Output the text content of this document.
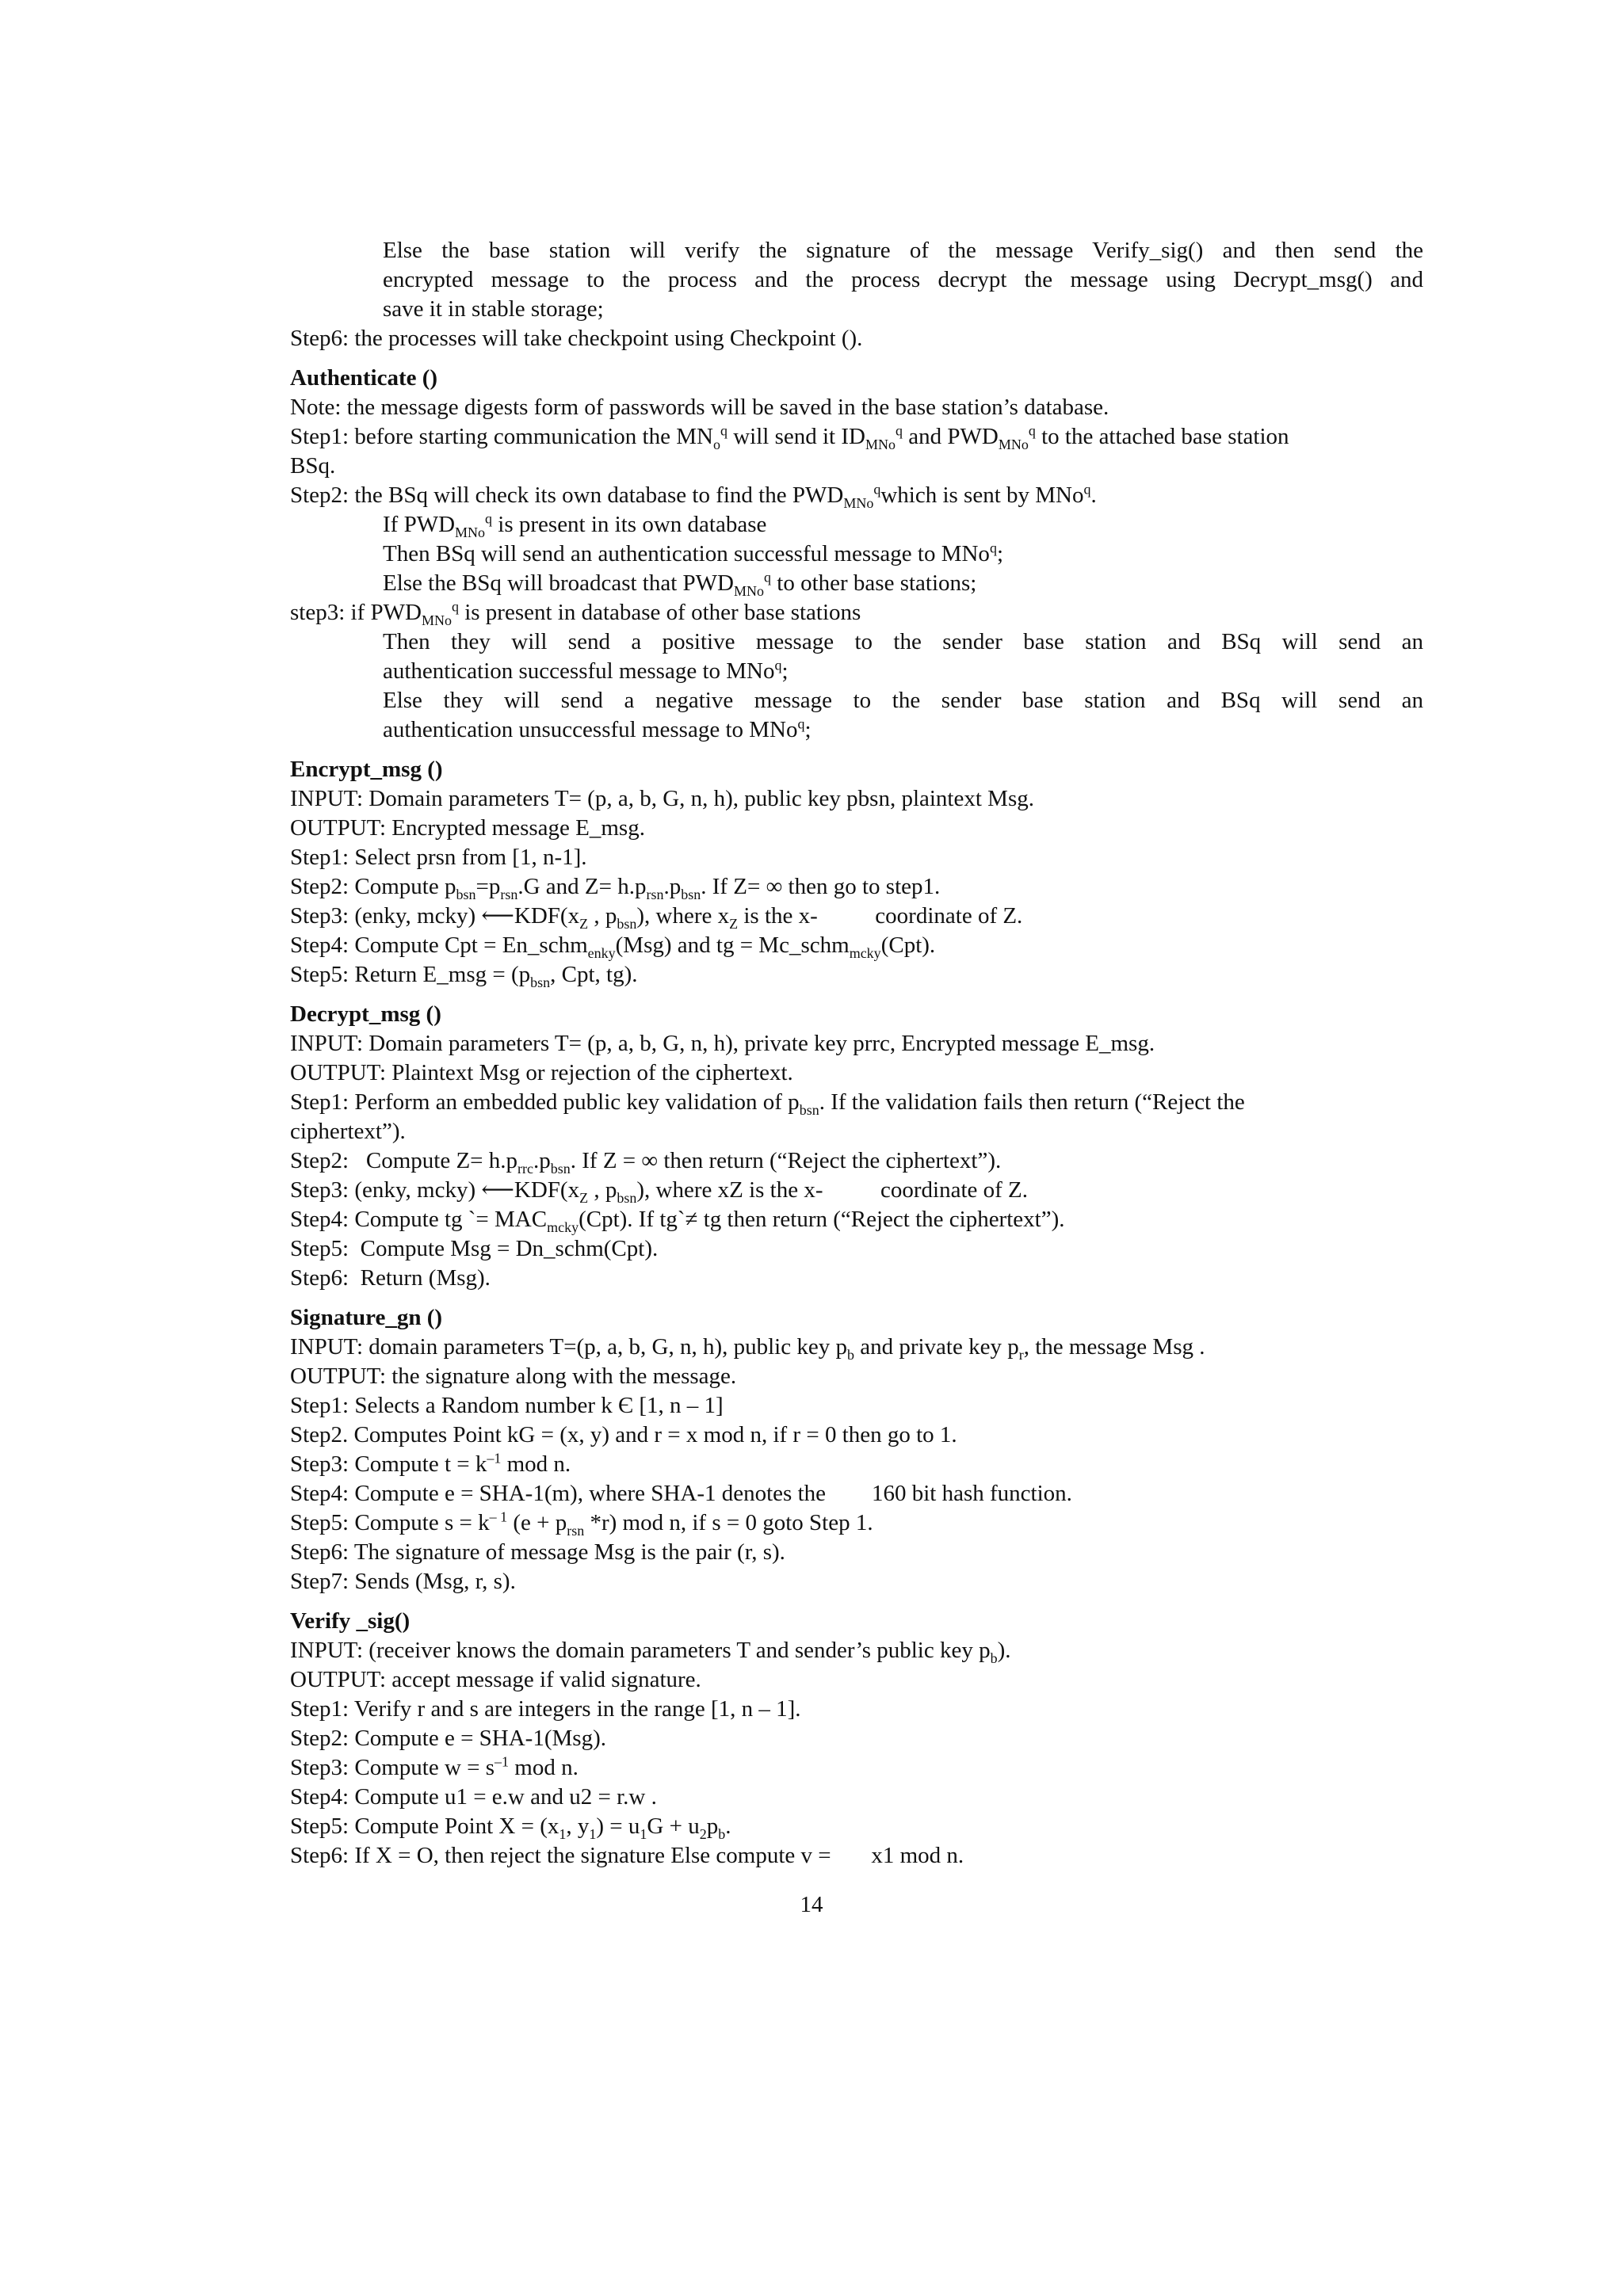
Else the base station will verify the signature of the message Verify_sig() and then send the
encrypted message to the process and the process decrypt the message using Decrypt_msg() and
save it in stable storage;
Step6: the processes will take checkpoint using Checkpoint ().
Authenticate ()
Note: the message digests form of passwords will be saved in the base station’s database.
Step1: before starting communication the $MN_o^q$ will send it $ID_{MNo}^q$ and $PWD_{MNo}^q$ to the attached base station
BSq.
Step2: the BSq will check its own database to find the $PWD_{MNo}^qwhich$ is sent by MNo$^q$.
If $PWD_{MNo}^q$ is present in its own database
Then BSq will send an authentication successful message to MNo$^q$;
Else the BSq will broadcast that $PWD_{MNo}^q$ to other base stations;
step3: if $PWD_{MNo}^q$ is present in database of other base stations
Then they will send a positive message to the sender base station and BSq will send an
authentication successful message to MNo$^q$;
Else they will send a negative message to the sender base station and BSq will send an
authentication unsuccessful message to MNo$^q$;
Encrypt_msg ()
INPUT: Domain parameters T= (p, a, b, G, n, h), public key pbsn, plaintext Msg.
OUTPUT: Encrypted message E_msg.
Step1: Select prsn from [1, n-1].
Step2: Compute $p_{bsn}=p_{rsn}.G$ and $Z= h.p_{rsn}.p_{bsn}$. If Z= ∞ then go to step1.
Step3: (enky, mcky) $⟵KDF(x_Z$ , $p_{bsn}$), where $x_Z$ is the x-          coordinate of Z.
Step4: Compute Cpt = En_schm$_{enky}$(Msg) and tg = Mc_schm$_{mcky}$(Cpt).
Step5: Return E_msg = ($p_{bsn}$, Cpt, tg).
Decrypt_msg ()
INPUT: Domain parameters T= (p, a, b, G, n, h), private key prrc, Encrypted message E_msg.
OUTPUT: Plaintext Msg or rejection of the ciphertext.
Step1: Perform an embedded public key validation of $p_{bsn}$. If the validation fails then return (“Reject the
ciphertext”).
Step2:   Compute $Z= h.p_{rrc}.p_{bsn}$. If Z = ∞ then return (“Reject the ciphertext”).
Step3: (enky, mcky) $⟵KDF(x_Z$ , $p_{bsn}$), where xZ is the x-          coordinate of Z.
Step4: Compute tg `= $MAC_{mcky}(Cpt)$. If tg`≠ tg then return (“Reject the ciphertext”).
Step5:  Compute Msg = Dn_schm(Cpt).
Step6:  Return (Msg).
Signature_gn ()
INPUT: domain parameters T=(p, a, b, G, n, h), public key $p_b$ and private key $p_r$, the message Msg .
OUTPUT: the signature along with the message.
Step1: Selects a Random number k Є [1, n – 1]
Step2. Computes Point kG = (x, y) and r = x mod n, if r = 0 then go to 1.
Step3: Compute $t = k^{-1}$ mod n.
Step4: Compute e = SHA-1(m), where SHA-1 denotes the        160 bit hash function.
Step5: Compute $s = k^{- 1}$ ($e + p_{rsn}$ *r) mod n, if s = 0 goto Step 1.
Step6: The signature of message Msg is the pair (r, s).
Step7: Sends (Msg, r, s).
Verify _sig()
INPUT: (receiver knows the domain parameters T and sender’s public key $p_b$).
OUTPUT: accept message if valid signature.
Step1: Verify r and s are integers in the range [1, n – 1].
Step2: Compute e = SHA-1(Msg).
Step3: Compute $w = s^{-1}$ mod n.
Step4: Compute u1 = e.w and u2 = r.w .
Step5: Compute Point $X = (x_1$, $y_1) = u_1G + u_2p_b$.
Step6: If X = O, then reject the signature Else compute v =       x1 mod n.
14
